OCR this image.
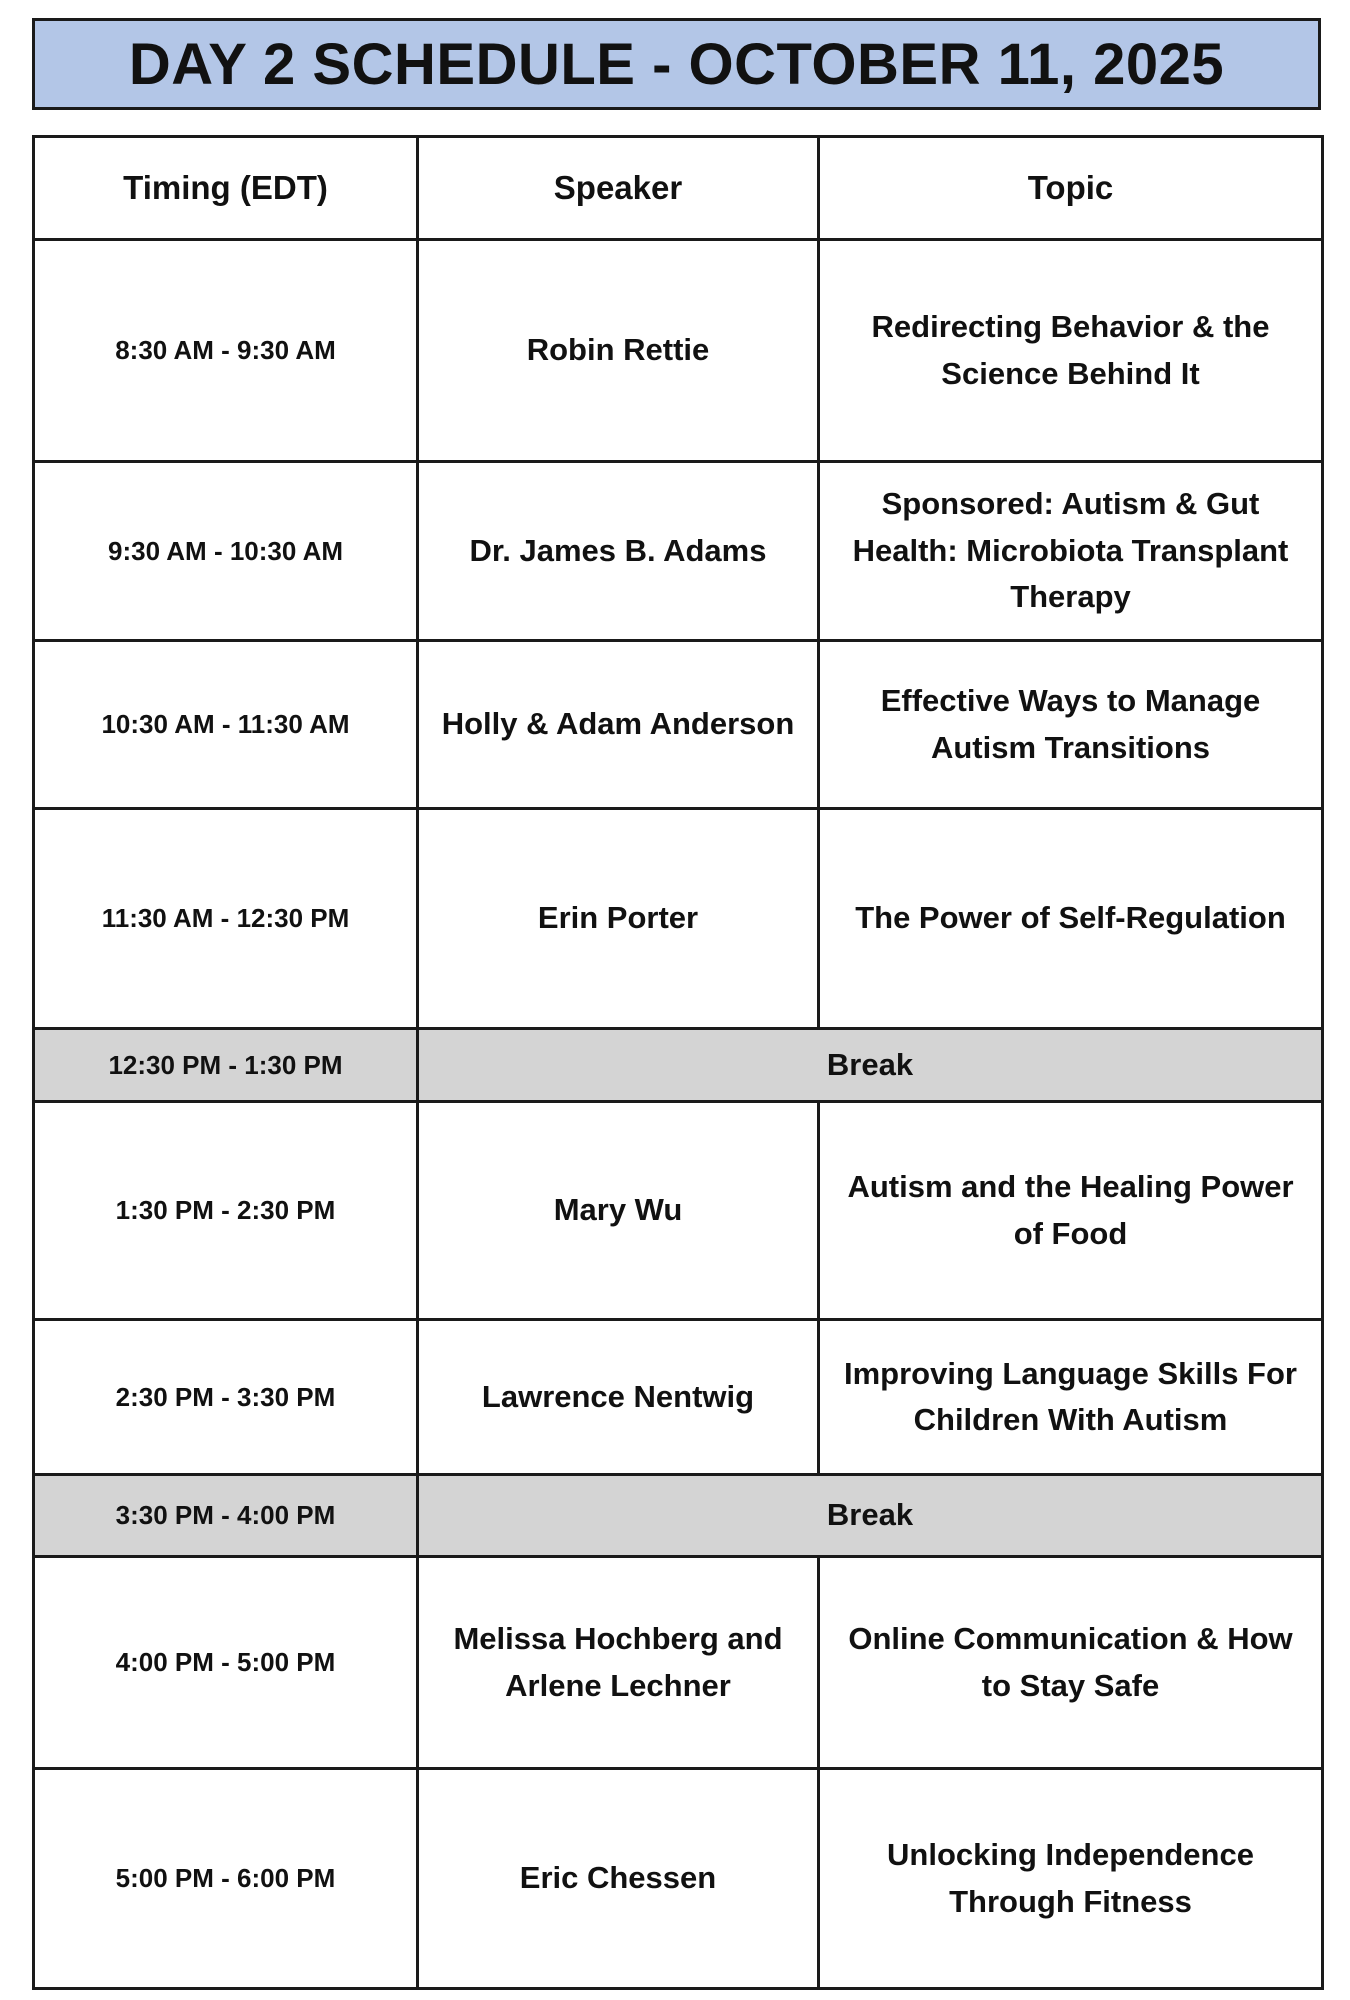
DAY 2 SCHEDULE - OCTOBER 11, 2025
Timing (EDT)	Speaker	Topic
8:30 AM - 9:30 AM	Robin Rettie	Redirecting Behavior & the Science Behind It
9:30 AM - 10:30 AM	Dr. James B. Adams	Sponsored: Autism & Gut Health: Microbiota Transplant Therapy
10:30 AM - 11:30 AM	Holly & Adam Anderson	Effective Ways to Manage Autism Transitions
11:30 AM - 12:30 PM	Erin Porter	The Power of Self-Regulation
12:30 PM - 1:30 PM	Break	
1:30 PM - 2:30 PM	Mary Wu	Autism and the Healing Power of Food
2:30 PM - 3:30 PM	Lawrence Nentwig	Improving Language Skills For Children With Autism
3:30 PM - 4:00 PM	Break	
4:00 PM - 5:00 PM	Melissa Hochberg and Arlene Lechner	Online Communication & How to Stay Safe
5:00 PM - 6:00 PM	Eric Chessen	Unlocking Independence Through Fitness
